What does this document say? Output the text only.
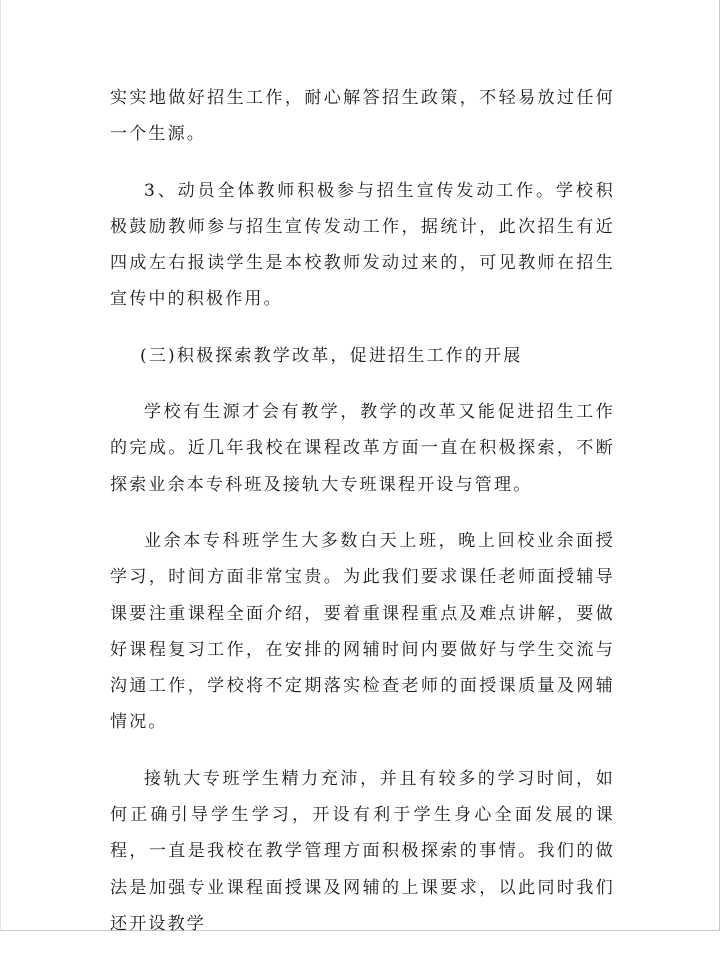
实实地做好招生工作，耐心解答招生政策，不轻易放过任何一个生源。

3、动员全体教师积极参与招生宣传发动工作。学校积极鼓励教师参与招生宣传发动工作，据统计，此次招生有近四成左右报读学生是本校教师发动过来的，可见教师在招生宣传中的积极作用。

(三)积极探索教学改革，促进招生工作的开展

学校有生源才会有教学，教学的改革又能促进招生工作的完成。近几年我校在课程改革方面一直在积极探索，不断探索业余本专科班及接轨大专班课程开设与管理。

业余本专科班学生大多数白天上班，晚上回校业余面授学习，时间方面非常宝贵。为此我们要求课任老师面授辅导课要注重课程全面介绍，要着重课程重点及难点讲解，要做好课程复习工作，在安排的网辅时间内要做好与学生交流与沟通工作，学校将不定期落实检查老师的面授课质量及网辅情况。

接轨大专班学生精力充沛，并且有较多的学习时间，如何正确引导学生学习，开设有利于学生身心全面发展的课程，一直是我校在教学管理方面积极探索的事情。我们的做法是加强专业课程面授课及网辅的上课要求，以此同时我们还开设教学
